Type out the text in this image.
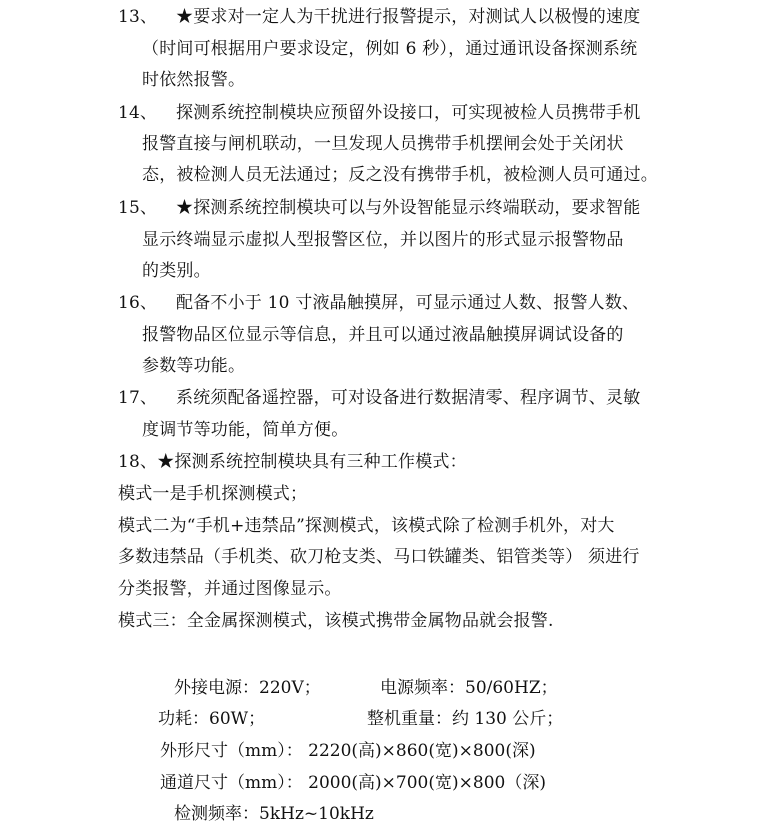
13、 ★要求对一定人为干扰进行报警提示，对测试人以极慢的速度
（时间可根据用户要求设定，例如 6 秒），通过通讯设备探测系统
时依然报警。
14、 探测系统控制模块应预留外设接口，可实现被检人员携带手机
报警直接与闸机联动，一旦发现人员携带手机摆闸会处于关闭状
态，被检测人员无法通过；反之没有携带手机，被检测人员可通过。
15、 ★探测系统控制模块可以与外设智能显示终端联动，要求智能
显示终端显示虚拟人型报警区位，并以图片的形式显示报警物品
的类别。
16、 配备不小于 10 寸液晶触摸屏，可显示通过人数、报警人数、
报警物品区位显示等信息，并且可以通过液晶触摸屏调试设备的
参数等功能。
17、 系统须配备遥控器，可对设备进行数据清零、程序调节、灵敏
度调节等功能，简单方便。
18、★探测系统控制模块具有三种工作模式：
模式一是手机探测模式；
模式二为“手机+违禁品”探测模式，该模式除了检测手机外，对大
多数违禁品（手机类、砍刀枪支类、马口铁罐类、铝管类等） 须进行
分类报警，并通过图像显示。
模式三：全金属探测模式，该模式携带金属物品就会报警.
外接电源：220V；	电源频率：50/60HZ；
功耗：60W；	整机重量：约 130 公斤；
外形尺寸（mm）： 2220(高)×860(宽)×800(深)
通道尺寸（mm）： 2000(高)×700(宽)×800（深)
检测频率：5kHz~10kHz
